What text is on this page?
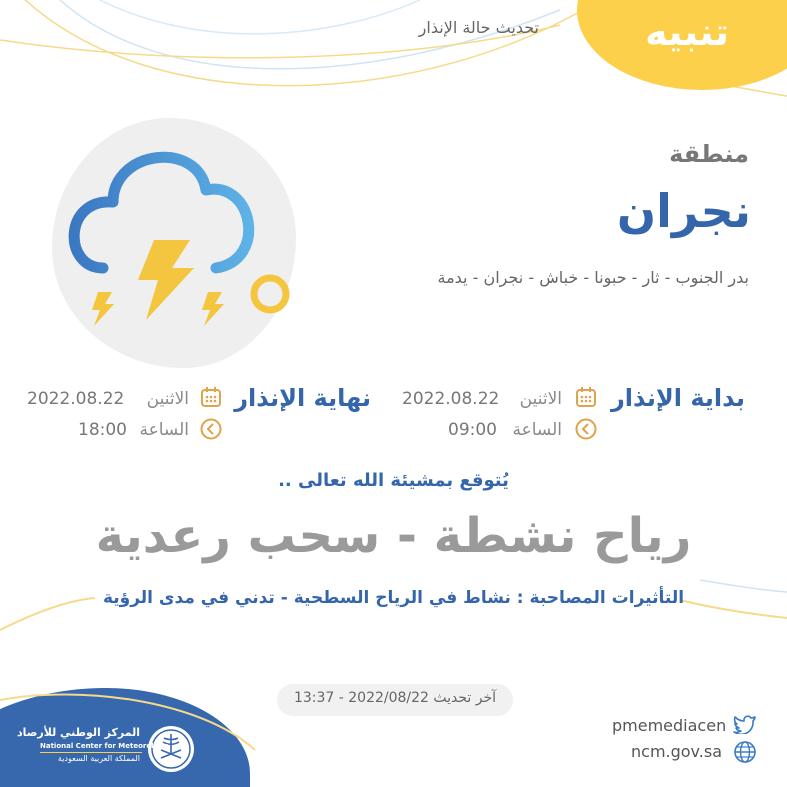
تنبيه
تحديث حالة الإنذار
منطقة
نجران
بدر الجنوب - ثار - حبونا - خباش - نجران - يدمة
بداية الإنذار
الاثنين
2022.08.22
الساعة
09:00
نهاية الإنذار
الاثنين
2022.08.22
الساعة
18:00
يُتوقع بمشيئة الله تعالى ..
رياح نشطة - سحب رعدية
التأثيرات المصاحبة : نشاط في الرياح السطحية - تدني في مدى الرؤية
آخر تحديث 2022/08/22 - 13:37
المركز الوطني للأرصاد
National Center for Meteorology
المملكة العربية السعودية
pmemediacen
ncm.gov.sa
